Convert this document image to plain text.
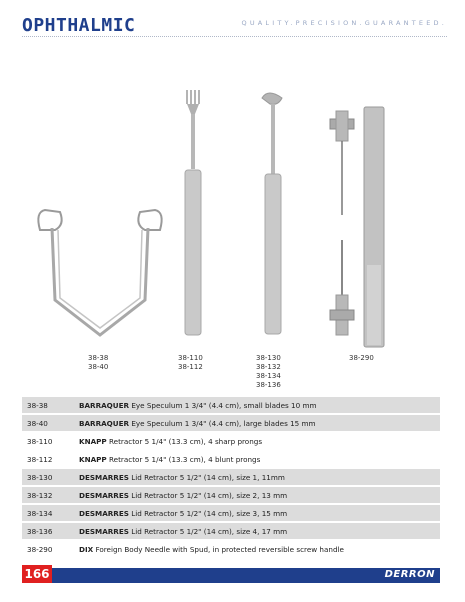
OPHTHALMIC	QUALITY.PRECISION.GUARANTEED.
38-38
38-40
38-110
38-112
38-130
38-132
38-134
38-136
38-290
38-38	BARRAQUER Eye Speculum 1 3/4" (4.4 cm), small blades 10 mm
38-40	BARRAQUER Eye Speculum 1 3/4" (4.4 cm), large blades 15 mm
38-110	KNAPP Retractor 5 1/4" (13.3 cm), 4 sharp prongs
38-112	KNAPP Retractor 5 1/4" (13.3 cm), 4 blunt prongs
38-130	DESMARRES Lid Retractor 5 1/2" (14 cm), size 1, 11mm
38-132	DESMARRES Lid Retractor 5 1/2" (14 cm), size 2, 13 mm
38-134	DESMARRES Lid Retractor 5 1/2" (14 cm), size 3, 15 mm
38-136	DESMARRES Lid Retractor 5 1/2" (14 cm), size 4, 17 mm
38-290	DIX Foreign Body Needle with Spud, in protected reversible screw handle
166	DERRON
